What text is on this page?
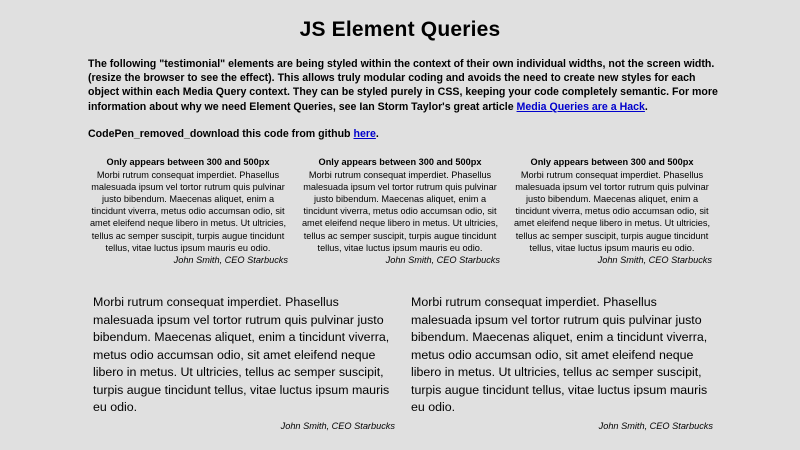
JS Element Queries

The following "testimonial" elements are being styled within the context of their own individual widths, not the screen width. (resize the browser to see the effect). This allows truly modular coding and avoids the need to create new styles for each object within each Media Query context. They can be styled purely in CSS, keeping your code completely semantic. For more information about why we need Element Queries, see Ian Storm Taylor's great article Media Queries are a Hack.

CodePen_removed_download this code from github here.

Only appears between 300 and 500px

Morbi rutrum consequat imperdiet. Phasellus malesuada ipsum vel tortor rutrum quis pulvinar justo bibendum. Maecenas aliquet, enim a tincidunt viverra, metus odio accumsan odio, sit amet eleifend neque libero in metus. Ut ultricies, tellus ac semper suscipit, turpis augue tincidunt tellus, vitae luctus ipsum mauris eu odio.

John Smith, CEO Starbucks

Only appears between 300 and 500px

Morbi rutrum consequat imperdiet. Phasellus malesuada ipsum vel tortor rutrum quis pulvinar justo bibendum. Maecenas aliquet, enim a tincidunt viverra, metus odio accumsan odio, sit amet eleifend neque libero in metus. Ut ultricies, tellus ac semper suscipit, turpis augue tincidunt tellus, vitae luctus ipsum mauris eu odio.

John Smith, CEO Starbucks

Only appears between 300 and 500px

Morbi rutrum consequat imperdiet. Phasellus malesuada ipsum vel tortor rutrum quis pulvinar justo bibendum. Maecenas aliquet, enim a tincidunt viverra, metus odio accumsan odio, sit amet eleifend neque libero in metus. Ut ultricies, tellus ac semper suscipit, turpis augue tincidunt tellus, vitae luctus ipsum mauris eu odio.

John Smith, CEO Starbucks

Morbi rutrum consequat imperdiet. Phasellus malesuada ipsum vel tortor rutrum quis pulvinar justo bibendum. Maecenas aliquet, enim a tincidunt viverra, metus odio accumsan odio, sit amet eleifend neque libero in metus. Ut ultricies, tellus ac semper suscipit, turpis augue tincidunt tellus, vitae luctus ipsum mauris eu odio.

John Smith, CEO Starbucks

Morbi rutrum consequat imperdiet. Phasellus malesuada ipsum vel tortor rutrum quis pulvinar justo bibendum. Maecenas aliquet, enim a tincidunt viverra, metus odio accumsan odio, sit amet eleifend neque libero in metus. Ut ultricies, tellus ac semper suscipit, turpis augue tincidunt tellus, vitae luctus ipsum mauris eu odio.

John Smith, CEO Starbucks
